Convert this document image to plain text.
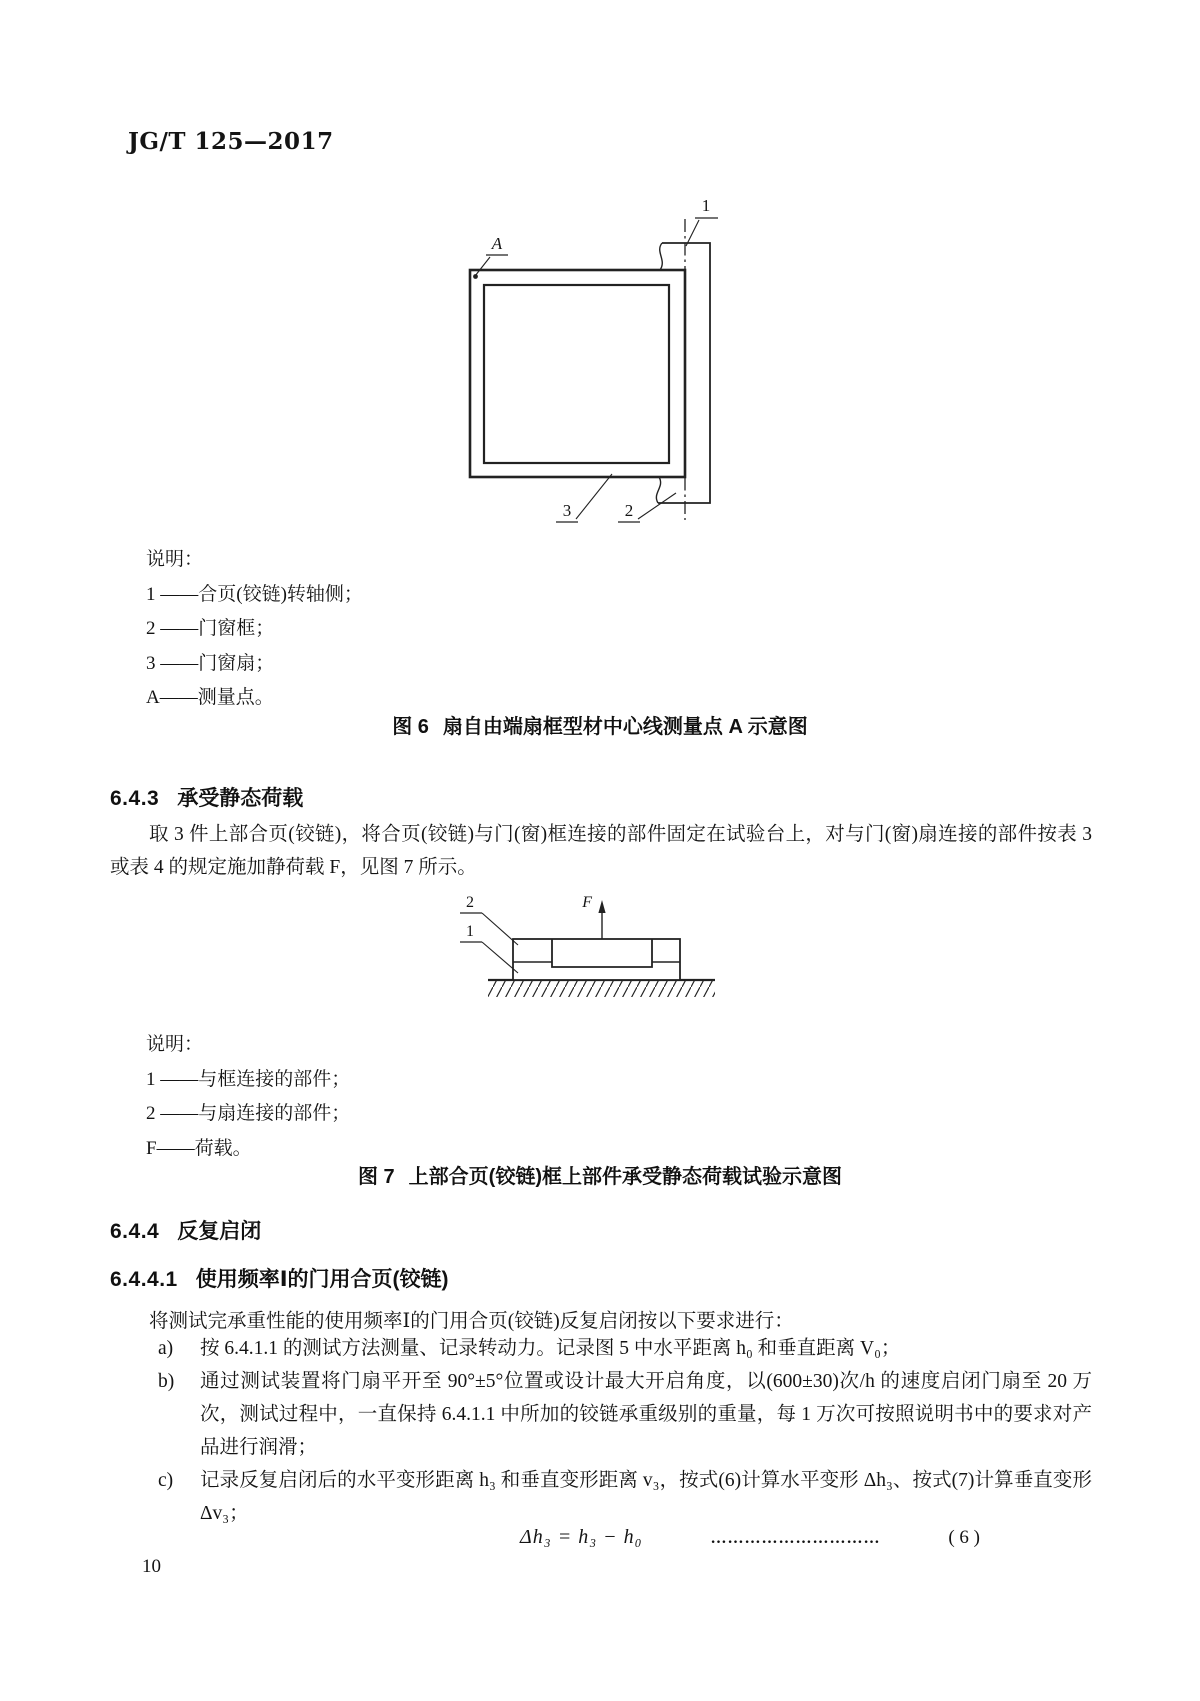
JG/T 125—2017
1
A
3	2
说明：
1 ——合页(铰链)转轴侧；
2 ——门窗框；
3 ——门窗扇；
A——测量点。
图 6 扇自由端扇框型材中心线测量点 A 示意图
6.4.3 承受静态荷载
取 3 件上部合页(铰链)，将合页(铰链)与门(窗)框连接的部件固定在试验台上，对与门(窗)扇连接的部件按表 3 或表 4 的规定施加静荷载 F，见图 7 所示。
F
2
1
说明：
1 ——与框连接的部件；
2 ——与扇连接的部件；
F——荷载。
图 7 上部合页(铰链)框上部件承受静态荷载试验示意图
6.4.4 反复启闭
6.4.4.1 使用频率Ⅰ的门用合页(铰链)
将测试完承重性能的使用频率Ⅰ的门用合页(铰链)反复启闭按以下要求进行：
a)	按 6.4.1.1 的测试方法测量、记录转动力。记录图 5 中水平距离 h₀ 和垂直距离 V₀；
b)	通过测试装置将门扇平开至 90°±5°位置或设计最大开启角度，以(600±30)次/h 的速度启闭门扇至 20 万次，测试过程中，一直保持 6.4.1.1 中所加的铰链承重级别的重量，每 1 万次可按照说明书中的要求对产品进行润滑；
c)	记录反复启闭后的水平变形距离 h₃ 和垂直变形距离 v₃，按式(6)计算水平变形 Δh₃、按式(7)计算垂直变形 Δv₃；
Δh₃ = h₃ − h₀	…………………………	( 6 )
10
